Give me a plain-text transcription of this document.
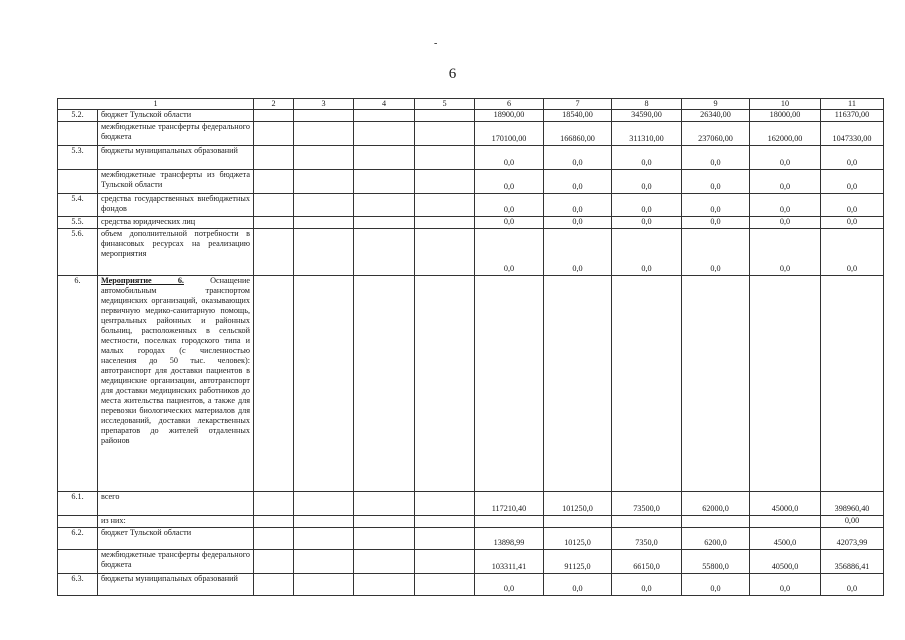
-
6
1		2	3	4	5	6	7	8	9	10	11
5.2.	бюджет Тульской области					18900,00	18540,00	34590,00	26340,00	18000,00	116370,00
	межбюджетные трансферты федерального бюджета					170100,00	166860,00	311310,00	237060,00	162000,00	1047330,00
5.3.	бюджеты муниципальных образований					0,0	0,0	0,0	0,0	0,0	0,0
	межбюджетные трансферты из бюджета Тульской области					0,0	0,0	0,0	0,0	0,0	0,0
5.4.	средства государственных внебюджетных фондов					0,0	0,0	0,0	0,0	0,0	0,0
5.5.	средства юридических лиц					0,0	0,0	0,0	0,0	0,0	0,0
5.6.	объем дополнительной потребности в финансовых ресурсах на реализацию мероприятия					0,0	0,0	0,0	0,0	0,0	0,0
6.	Мероприятие 6. Оснащение автомобильным транспортом медицинских организаций, оказывающих первичную медико-санитарную помощь, центральных районных и районных больниц, расположенных в сельской местности, поселках городского типа и малых городах (с численностью населения до 50 тыс. человек): автотранспорт для доставки пациентов в медицинские организации, автотранспорт для доставки медицинских работников до места жительства пациентов, а также для перевозки биологических материалов для исследований, доставки лекарственных препаратов до жителей отдаленных районов										
6.1.	всего					117210,40	101250,0	73500,0	62000,0	45000,0	398960,40
	из них:										0,00
6.2.	бюджет Тульской области					13898,99	10125,0	7350,0	6200,0	4500,0	42073,99
	межбюджетные трансферты федерального бюджета					103311,41	91125,0	66150,0	55800,0	40500,0	356886,41
6.3.	бюджеты муниципальных образований					0,0	0,0	0,0	0,0	0,0	0,0
